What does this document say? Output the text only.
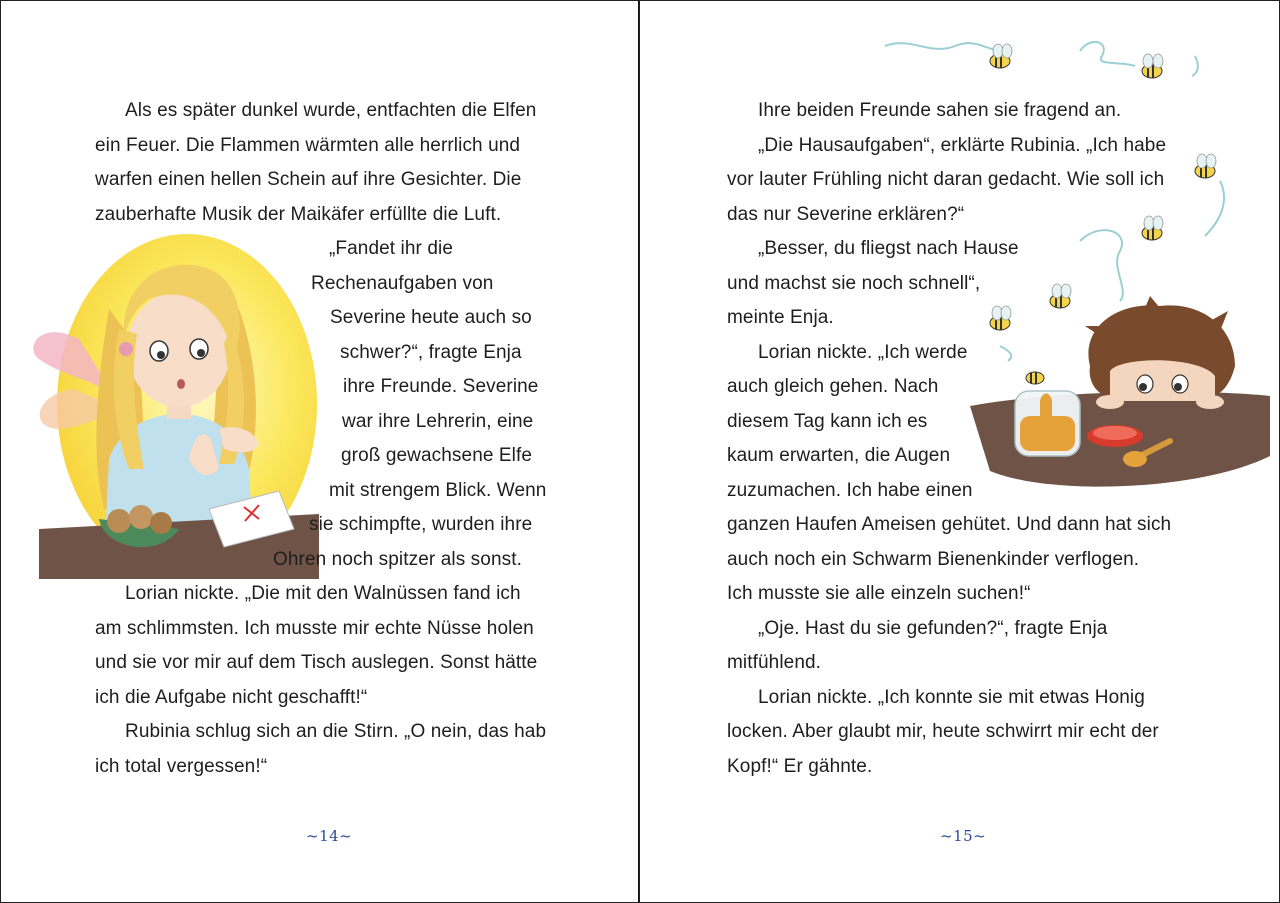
Als es später dunkel wurde, entfachten die Elfen
ein Feuer. Die Flammen wärmten alle herrlich und
warfen einen hellen Schein auf ihre Gesichter. Die
zauberhafte Musik der Maikäfer erfüllte die Luft.
„Fandet ihr die
Rechenaufgaben von
Severine heute auch so
schwer?“, fragte Enja
ihre Freunde. Severine
war ihre Lehrerin, eine
groß gewachsene Elfe
mit strengem Blick. Wenn
sie schimpfte, wurden ihre
Ohren noch spitzer als sonst.
Lorian nickte. „Die mit den Walnüssen fand ich
am schlimmsten. Ich musste mir echte Nüsse holen
und sie vor mir auf dem Tisch auslegen. Sonst hätte
ich die Aufgabe nicht geschafft!“
Rubinia schlug sich an die Stirn. „O nein, das hab
ich total vergessen!“
~14~
Ihre beiden Freunde sahen sie fragend an.
„Die Hausaufgaben“, erklärte Rubinia. „Ich habe
vor lauter Frühling nicht daran gedacht. Wie soll ich
das nur Severine erklären?“
„Besser, du fliegst nach Hause
und machst sie noch schnell“,
meinte Enja.
Lorian nickte. „Ich werde
auch gleich gehen. Nach
diesem Tag kann ich es
kaum erwarten, die Augen
zuzumachen. Ich habe einen
ganzen Haufen Ameisen gehütet. Und dann hat sich
auch noch ein Schwarm Bienenkinder verflogen.
Ich musste sie alle einzeln suchen!“
„Oje. Hast du sie gefunden?“, fragte Enja
mitfühlend.
Lorian nickte. „Ich konnte sie mit etwas Honig
locken. Aber glaubt mir, heute schwirrt mir echt der
Kopf!“ Er gähnte.
~15~
